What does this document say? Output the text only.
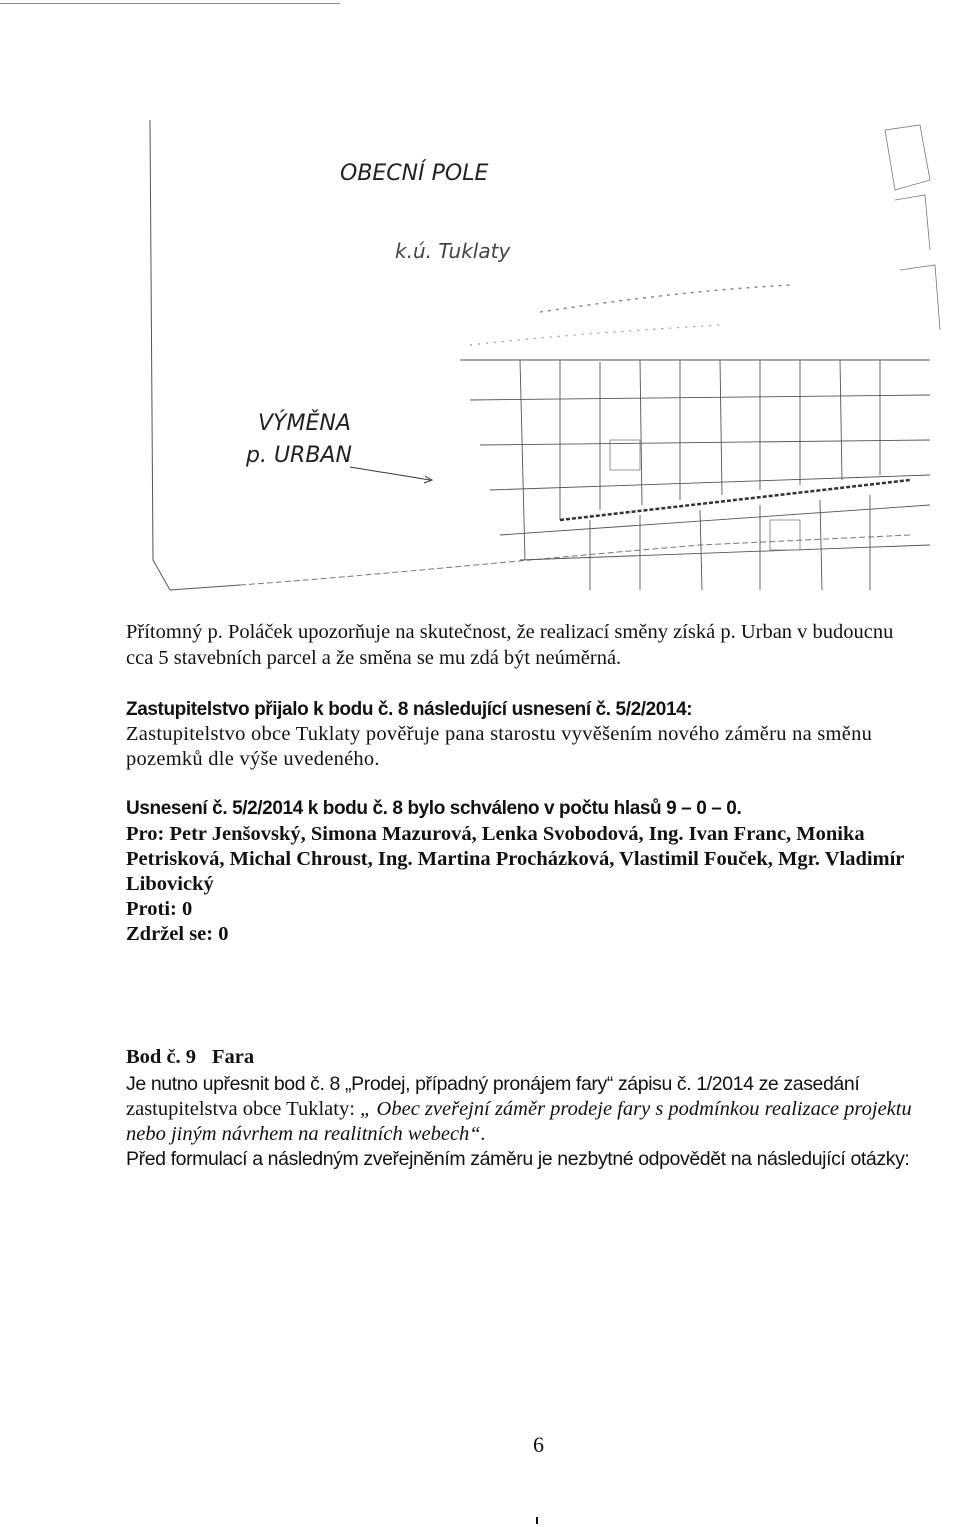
OBECNÍ POLE
k.ú. Tuklaty
VÝMĚNA
p. URBAN
Přítomný p. Poláček upozorňuje na skutečnost, že realizací směny získá p. Urban v budoucnu
cca 5 stavebních parcel a že směna se mu zdá být neúměrná.
Zastupitelstvo přijalo k bodu č. 8 následující usnesení č. 5/2/2014:
Zastupitelstvo obce Tuklaty pověřuje pana starostu vyvěšením nového záměru na směnu
pozemků dle výše uvedeného.
Usnesení č. 5/2/2014 k bodu č. 8 bylo schváleno v počtu hlasů 9 – 0 – 0.
Pro: Petr Jenšovský, Simona Mazurová, Lenka Svobodová, Ing. Ivan Franc, Monika
Petrisková, Michal Chroust, Ing. Martina Procházková, Vlastimil Fouček, Mgr. Vladimír
Libovický
Proti: 0
Zdržel se: 0
Bod č. 9 Fara
Je nutno upřesnit bod č. 8 „Prodej, případný pronájem fary“ zápisu č. 1/2014 ze zasedání
zastupitelstva obce Tuklaty: „ Obec zveřejní záměr prodeje fary s podmínkou realizace projektu
nebo jiným návrhem na realitních webech“.
Před formulací a následným zveřejněním záměru je nezbytné odpovědět na následující otázky:
6
